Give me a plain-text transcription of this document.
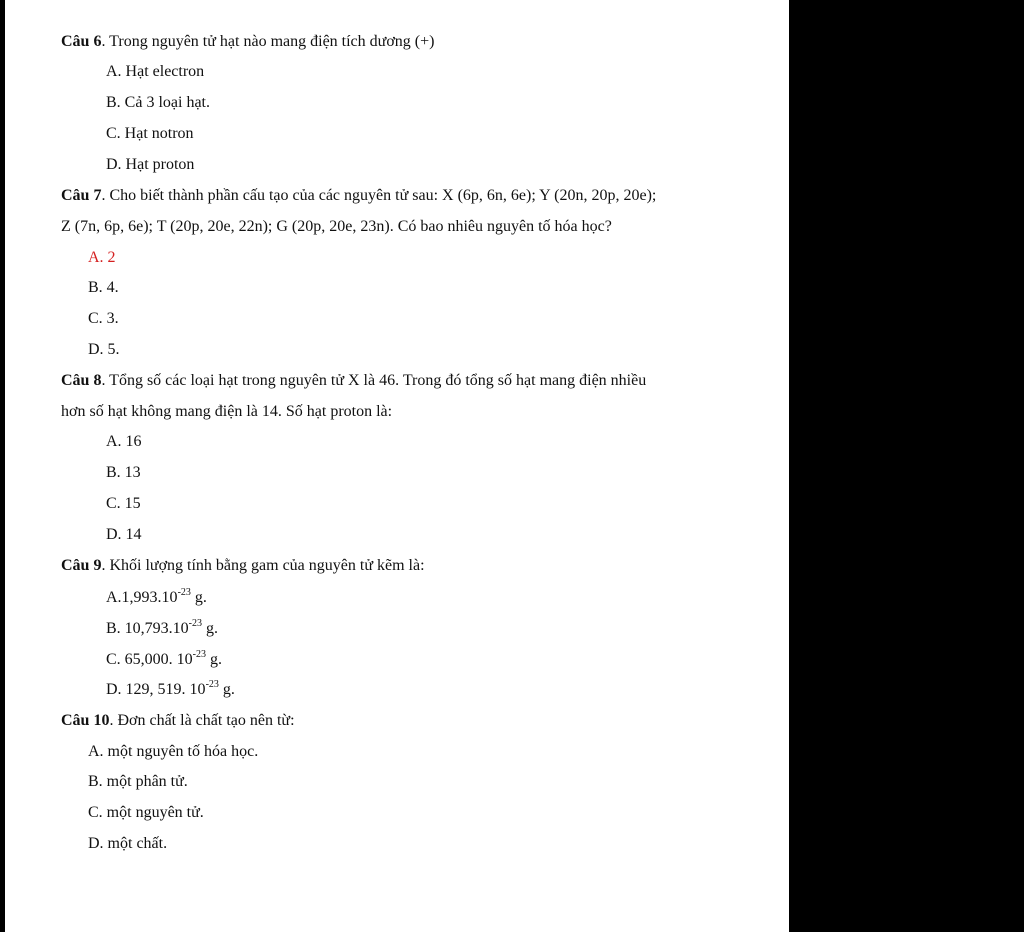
Câu 6. Trong nguyên tử hạt nào mang điện tích dương (+)
A. Hạt electron
B. Cả 3 loại hạt.
C. Hạt notron
D. Hạt proton
Câu 7. Cho biết thành phần cấu tạo của các nguyên tử sau: X (6p, 6n, 6e); Y (20n, 20p, 20e);
Z (7n, 6p, 6e); T (20p, 20e, 22n); G (20p, 20e, 23n). Có bao nhiêu nguyên tố hóa học?
A. 2
B. 4.
C. 3.
D. 5.
Câu 8. Tổng số các loại hạt trong nguyên tử X là 46. Trong đó tổng số hạt mang điện nhiều
hơn số hạt không mang điện là 14. Số hạt proton là:
A. 16
B. 13
C. 15
D. 14
Câu 9. Khối lượng tính bằng gam của nguyên tử kẽm là:
$A.1,993.10^{-23}$ g.
B. $10,793.10^{-23}$ g.
C. 65,000. $10^{-23}$ g.
D. 129, 519. $10^{-23}$ g.
Câu 10. Đơn chất là chất tạo nên từ:
A. một nguyên tố hóa học.
B. một phân tử.
C. một nguyên tử.
D. một chất.
